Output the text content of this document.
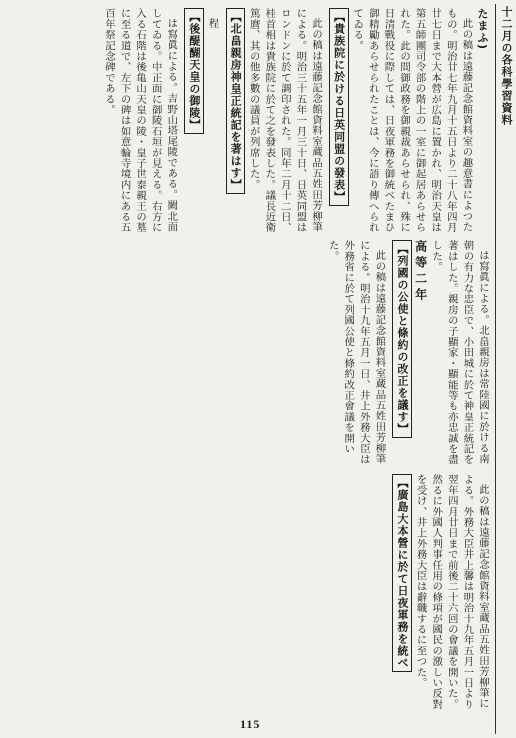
十二月の各科學習資料
たまふ)

此の稿は遠藤記念館資料室の趣意書によつたもの。明治廿七年九月十五日より二十八年四月廿七日まで大本營が広島に置かれ、明治天皇は第五師團司令部の階上の一室に御起居あらせられた。此の間御政務を御親裁あらせられ、殊に日清戰役に際しては、日夜軍務を御統べたまひ御精勵あらせられたことは、今に語り傳へられてゐる。

【貴族院に於ける日英同盟の發表】

此の稿は遠藤記念館資料室蔵品五姓田芳柳筆による。明治三十五年一月三十日、日英同盟はロンドンに於て調印された。同年二月十二日、桂首相は貴族院に於て之を發表した。議長近衛篤麿、其の他多數の議員が列席した。

【北畠親房神皇正統記を著はす】

程

【後醍醐天皇の御陵】

は寫眞による。吉野山塔尾陵である。闕北面してゐる。中正面に御陵石垣が見える。右方に入る石階は後亀山天皇の陵・皇子世泰親王の墓に至る道で、左下の碑は如意輪寺境内にある五百年祭記念碑である。

は寫眞による。北畠親房は常陸國に於ける南朝の有力な忠臣で、小田城に於て神皇正統記を著はした。親房の子顯家・顯能等も亦忠誠を盡した。

高等二年 【列國の公使と條約の改正を議す】

此の稿は遠藤記念館資料室蔵品五姓田芳柳筆による。明治十九年五月一日、井上外務大臣は外務省に於て列國公使と條約改正會議を開いた。

此の稿は遠藤記念館資料室蔵品五姓田芳柳筆による。外務大臣井上馨は明治十九年五月一日より翌年四月廿日まで前後二十六回の會議を開いた。然るに外國人判事任用の條項が國民の激しい反對を受け、井上外務大臣は辭職するに至つた。

【廣島大本營に於て日夜軍務を統べ
115
